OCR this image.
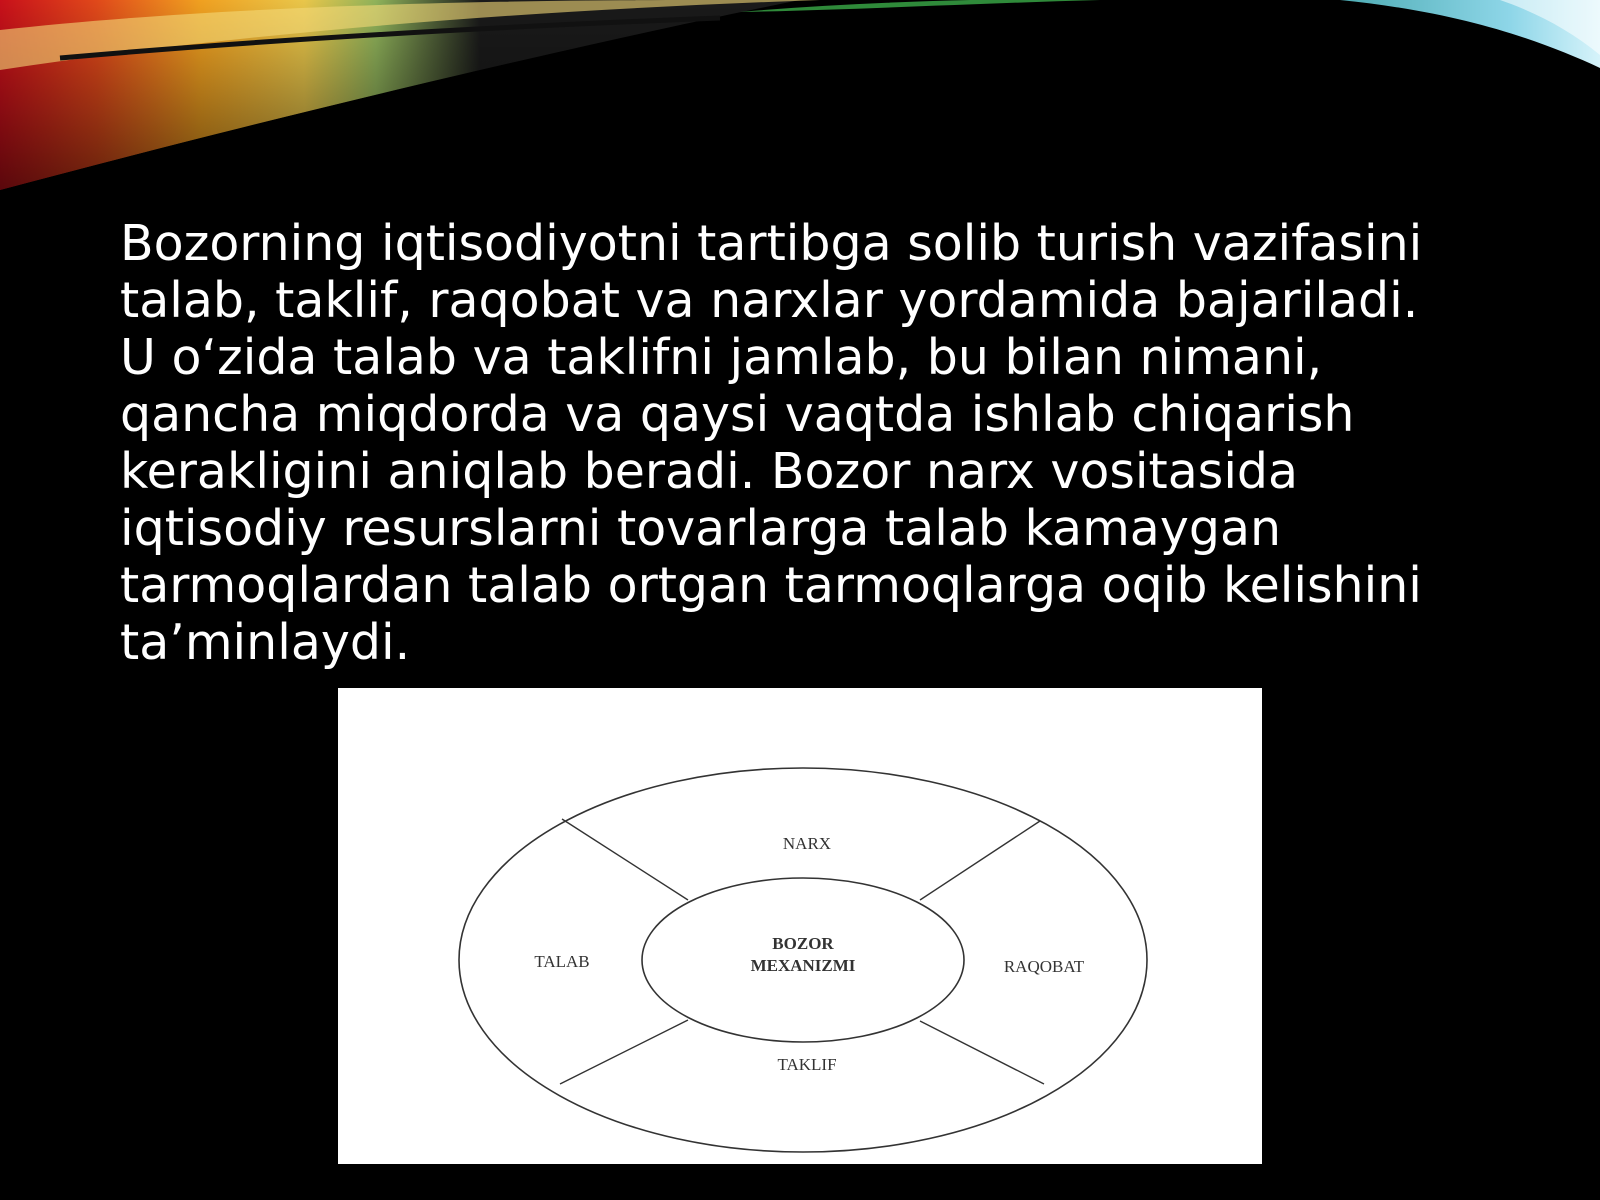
Bozorning iqtisodiyotni tartibga solib turish vazifasini
talab, taklif, raqobat va narxlar yordamida bajariladi.
U o‘zida talab va taklifni jamlab, bu bilan nimani,
qancha miqdorda va qaysi vaqtda ishlab chiqarish
kerakligini aniqlab beradi. Bozor narx vositasida
iqtisodiy resurslarni tovarlarga talab kamaygan
tarmoqlardan talab ortgan tarmoqlarga oqib kelishini
ta’minlaydi.

NARX
TALAB	RAQOBAT
TAKLIF
BOZOR
MEXANIZMI
